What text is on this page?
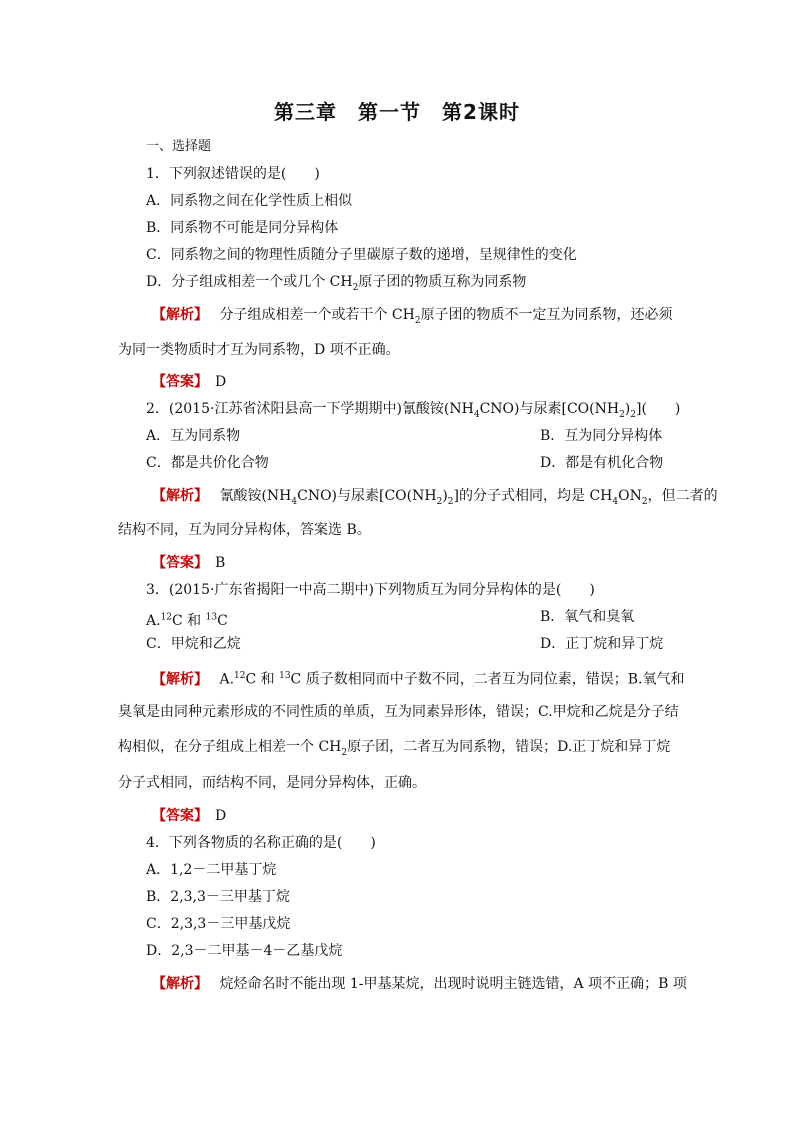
第三章　第一节　第2课时
一、选择题
1．下列叙述错误的是(　　)
A．同系物之间在化学性质上相似
B．同系物不可能是同分异构体
C．同系物之间的物理性质随分子里碳原子数的递增，呈规律性的变化
D．分子组成相差一个或几个 $CH_2$原子团的物质互称为同系物
【 解析 】　 分子组成相差一个或若干个 $CH_2$原子团的物质不一定互为同系物，还必须
为同一类物质时才互为同系物，D 项不正确。
【 答案 】　 D
2．(2015·江苏省沭阳县高一下学期期中)氰酸铵$(NH_4CNO)$与尿素$[CO(NH_2)_2]$(　　)
A．互为同系物	B．互为同分异构体
C．都是共价化合物	D．都是有机化合物
【 解析 】　 氰酸铵$(NH_4CNO)$与尿素$[CO(NH_2)_2]$的分子式相同，均是 $CH_4ON_2$，但二者的
结构不同，互为同分异构体，答案选 B。
【 答案 】　 B
3．(2015·广东省揭阳一中高二期中)下列物质互为同分异构体的是(　　)
A.$^{12}$C 和 $^{13}$C	B．氧气和臭氧
C．甲烷和乙烷	D．正丁烷和异丁烷
【 解析 】　 A.$^{12}$C 和 $^{13}$C 质子数相同而中子数不同，二者互为同位素，错误；B.氧气和
臭氧是由同种元素形成的不同性质的单质，互为同素异形体，错误；C.甲烷和乙烷是分子结
构相似，在分子组成上相差一个 $CH_2$原子团，二者互为同系物，错误；D.正丁烷和异丁烷
分子式相同，而结构不同，是同分异构体，正确。
【 答案 】　 D
4．下列各物质的名称正确的是(　　)
A．1,2－二甲基丁烷
B．2,3,3－三甲基丁烷
C．2,3,3－三甲基戊烷
D．2,3－二甲基－4－乙基戊烷
【 解析 】　 烷烃命名时不能出现 1-甲基某烷，出现时说明主链选错，A 项不正确；B 项
